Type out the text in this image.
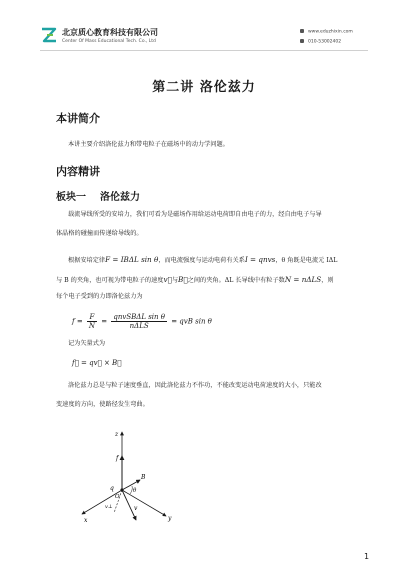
北京质心教育科技有限公司
Center Of Mass Educational Tech. Co., Ltd
www.eduzhixin.com
010-53002402
第二讲 洛伦兹力
本讲简介
本讲主要介绍洛伦兹力和带电粒子在磁场中的动力学问题。
内容精讲
板块一 洛伦兹力
载流导线所受的安培力，我们可看为是磁场作用给运动电荷即自由电子的力，经自由电子与导
体晶格的碰撞而传递给导线的。
根据安培定律F = IBΔL sin θ，而电流强度与运动电荷有关系I = qnvs，θ 角既是电流元 IΔL
与 B 的夹角，也可视为带电粒子的速度v⃗与B⃗之间的夹角。ΔL 长导线中有粒子数N = nΔLS，则
每个电子受到的力即洛伦兹力为
$f = \frac{F}{N} = \frac{\text{qnvSBΔL sin θ}}{\text{nΔLS}}$ = qvB sin θ
记为矢量式为
f⃗ = qv⃗ × B⃗
洛伦兹力总是与粒子速度垂直，因此洛伦兹力不作功，不能改变运动电荷速度的大小，只能改
变速度的方向，使路径发生弯曲。
z
f
q
O
B
θ
v
v⊥
x	y
1
